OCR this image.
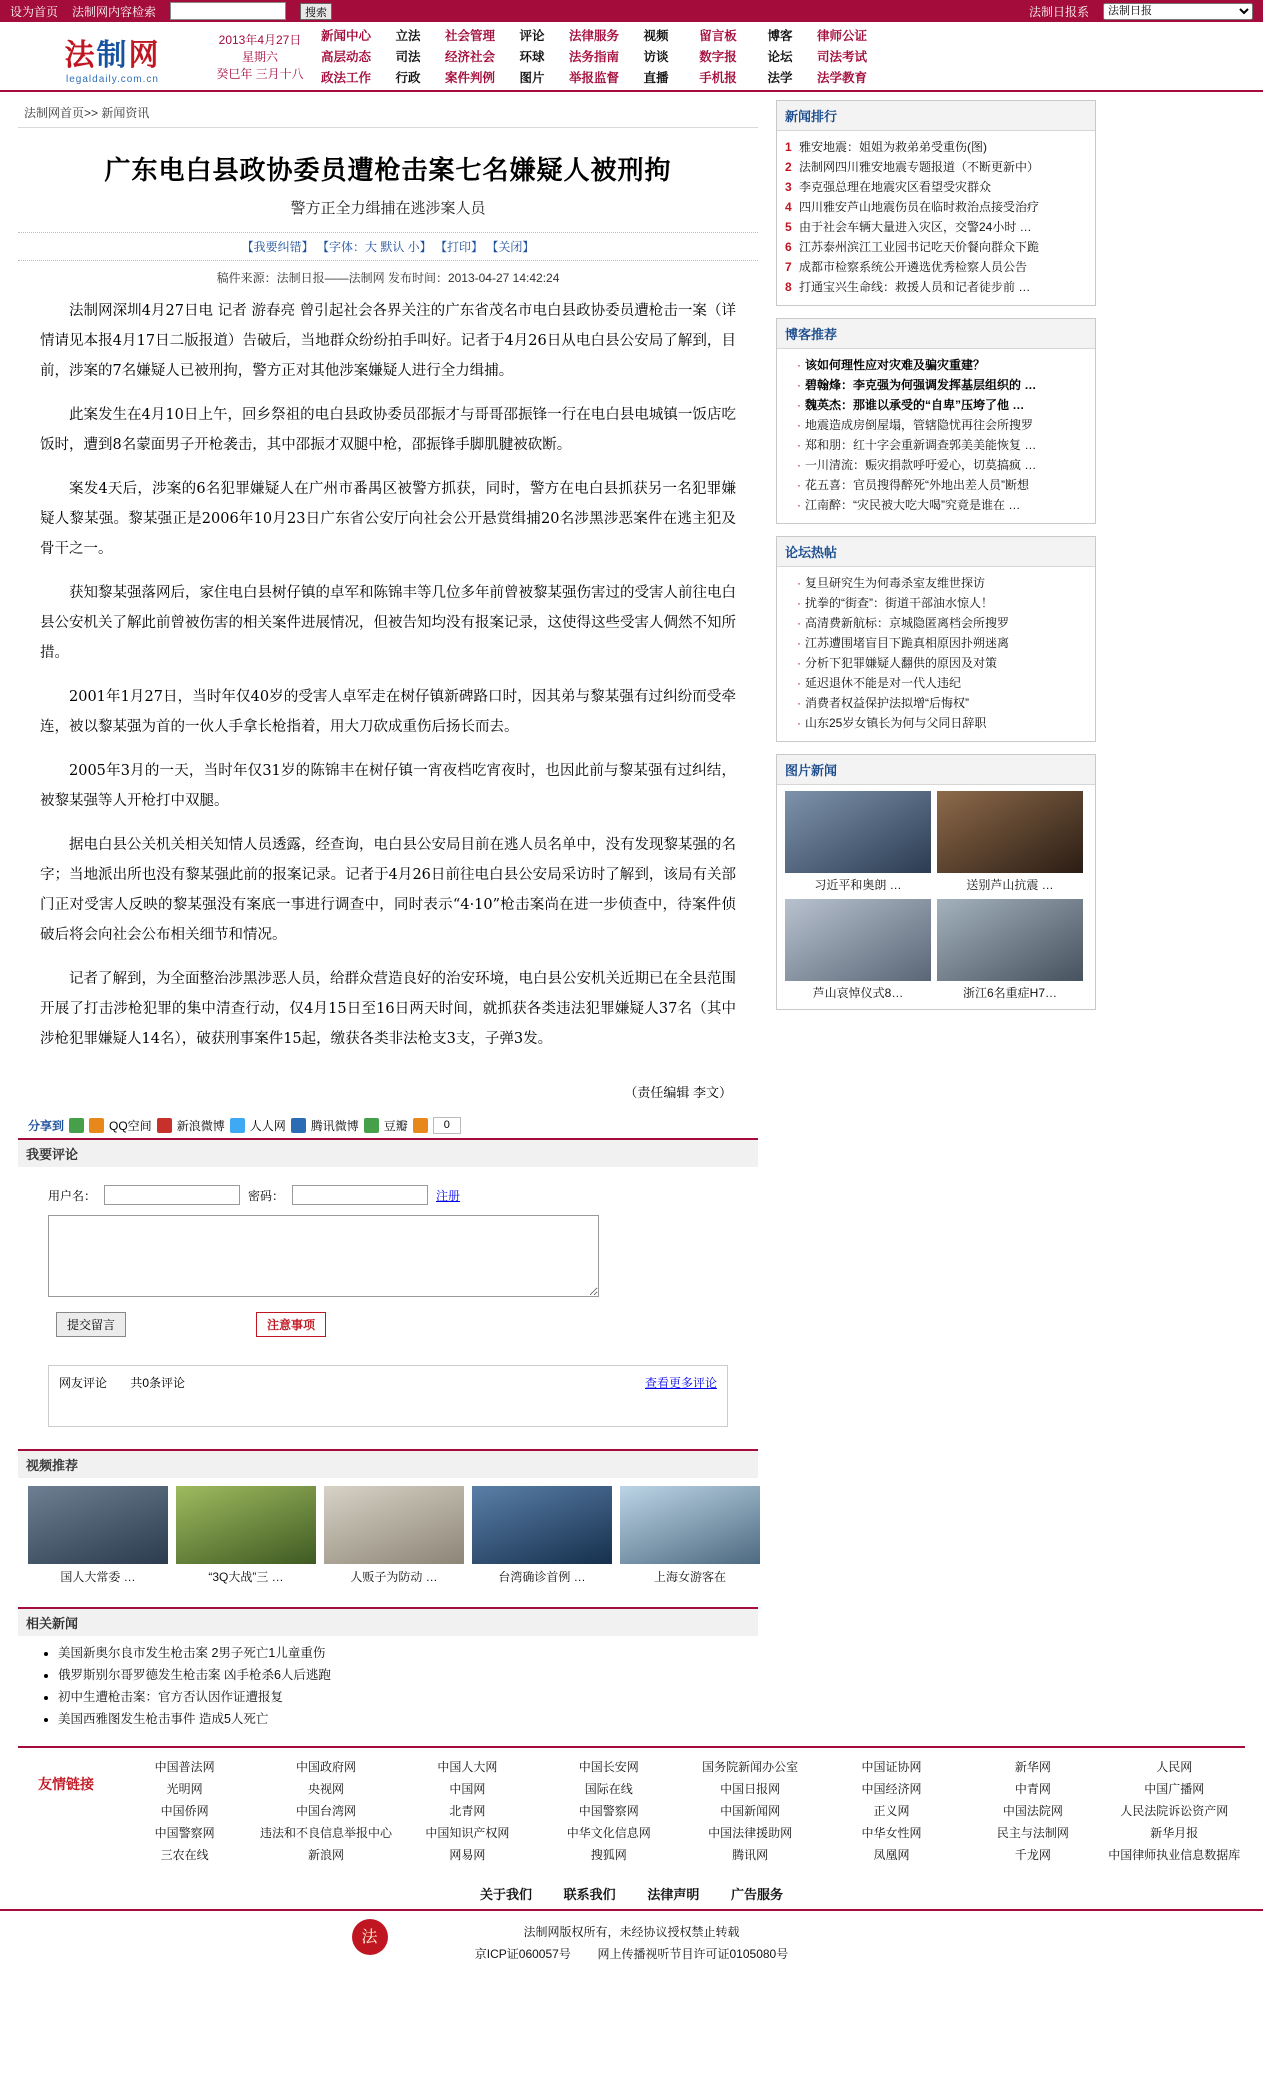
设为首页 法制网内容检索	搜索	法制日报系
法制日报
法制网
legaldaily.com.cn
2013年4月27日
星期六
癸巳年 三月十八
新闻中心	立法	社会管理	评论	法律服务	视频	留言板	博客	律师公证
高层动态	司法	经济社会	环球	法务指南	访谈	数字报	论坛	司法考试
政法工作	行政	案件判例	图片	举报监督	直播	手机报	法学	法学教育
法制网首页>> 新闻资讯
广东电白县政协委员遭枪击案七名嫌疑人被刑拘
警方正全力缉捕在逃涉案人员
【我要纠错】 【字体：大 默认 小】 【打印】 【关闭】
稿件来源：法制日报——法制网 发布时间：2013-04-27 14:42:24

法制网深圳4月27日电 记者 游春亮 曾引起社会各界关注的广东省茂名市电白县政协委员遭枪击一案（详情请见本报4月17日二版报道）告破后，当地群众纷纷拍手叫好。记者于4月26日从电白县公安局了解到，目前，涉案的7名嫌疑人已被刑拘，警方正对其他涉案嫌疑人进行全力缉捕。

此案发生在4月10日上午，回乡祭祖的电白县政协委员邵振才与哥哥邵振锋一行在电白县电城镇一饭店吃饭时，遭到8名蒙面男子开枪袭击，其中邵振才双腿中枪，邵振锋手脚肌腱被砍断。

案发4天后，涉案的6名犯罪嫌疑人在广州市番禺区被警方抓获，同时，警方在电白县抓获另一名犯罪嫌疑人黎某强。黎某强正是2006年10月23日广东省公安厅向社会公开悬赏缉捕20名涉黑涉恶案件在逃主犯及骨干之一。

获知黎某强落网后，家住电白县树仔镇的卓军和陈锦丰等几位多年前曾被黎某强伤害过的受害人前往电白县公安机关了解此前曾被伤害的相关案件进展情况，但被告知均没有报案记录，这使得这些受害人倜然不知所措。

2001年1月27日，当时年仅40岁的受害人卓军走在树仔镇新碑路口时，因其弟与黎某强有过纠纷而受牵连，被以黎某强为首的一伙人手拿长枪指着，用大刀砍成重伤后扬长而去。

2005年3月的一天，当时年仅31岁的陈锦丰在树仔镇一宵夜档吃宵夜时，也因此前与黎某强有过纠结，被黎某强等人开枪打中双腿。

据电白县公关机关相关知情人员透露，经查询，电白县公安局目前在逃人员名单中，没有发现黎某强的名字；当地派出所也没有黎某强此前的报案记录。记者于4月26日前往电白县公安局采访时了解到，该局有关部门正对受害人反映的黎某强没有案底一事进行调查中，同时表示“4·10”枪击案尚在进一步侦查中，待案件侦破后将会向社会公布相关细节和情况。

记者了解到，为全面整治涉黑涉恶人员，给群众营造良好的治安环境，电白县公安机关近期已在全县范围开展了打击涉枪犯罪的集中清查行动，仅4月15日至16日两天时间，就抓获各类违法犯罪嫌疑人37名（其中涉枪犯罪嫌疑人14名），破获刑事案件15起，缴获各类非法枪支3支，子弹3发。

（责任编辑 李文）
分享到	QQ空间 新浪微博 人人网 腾讯微博 豆瓣	0
我要评论
用户名：	密码：	注册
提交留言	注意事项
网友评论 共0条评论	查看更多评论
视频推荐
国人大常委 …	“3Q大战”三 …	人贩子为防动 …	台湾确诊首例 …	上海女游客在
相关新闻
• 美国新奥尔良市发生枪击案 2男子死亡1儿童重伤
• 俄罗斯别尔哥罗德发生枪击案 凶手枪杀6人后逃跑
• 初中生遭枪击案：官方否认因作证遭报复
• 美国西雅图发生枪击事件 造成5人死亡
新闻排行
1 雅安地震：姐姐为救弟弟受重伤(图)
2 法制网四川雅安地震专题报道（不断更新中）
3 李克强总理在地震灾区看望受灾群众
4 四川雅安芦山地震伤员在临时救治点接受治疗
5 由于社会车辆大量进入灾区，交警24小时 …
6 江苏泰州滨江工业园书记吃天价餐向群众下跪
7 成都市检察系统公开遴选优秀检察人员公告
8 打通宝兴生命线：救援人员和记者徒步前 …
博客推荐
· 该如何理性应对灾难及骗灾重建？
· 碧翰烽：李克强为何强调发挥基层组织的 …
· 魏英杰：那谁以承受的“自卑”压垮了他 …
· 地震造成房倒屋塌，管辖隐忧再往会所搜罗
· 郑和朋：红十字会重新调查郭美美能恢复 …
· 一川清流：赈灾捐款呼吁爱心，切莫搞疯 …
· 花五喜：官员搜得醉死“外地出差人员”断想
· 江南醉：“灾民被大吃大喝”究竟是谁在 …
论坛热帖
· 复旦研究生为何毒杀室友维世探访
· 扰拳的“街查”：街道干部油水惊人！
· 高清费新航标：京城隐匿离档会所搜罗
· 江苏遭围堵盲目下跪真相原因扑朔迷离
· 分析下犯罪嫌疑人翻供的原因及对策
· 延迟退休不能是对一代人违纪
· 消费者权益保护法拟增“后悔权”
· 山东25岁女镇长为何与父同日辞职
图片新闻
习近平和奥朗 …	送别芦山抗震 …
芦山哀悼仪式8…	浙江6名重症H7…
友情链接
中国普法网	中国政府网	中国人大网	中国长安网	国务院新闻办公室	中国证协网	新华网	人民网
光明网	央视网	中国网	国际在线	中国日报网	中国经济网	中青网	中国广播网
中国侨网	中国台湾网	北青网	中国警察网	中国新闻网	正义网	中国法院网	人民法院诉讼资产网
中国警察网	违法和不良信息举报中心	中国知识产权网	中华文化信息网	中国法律援助网	中华女性网	民主与法制网	新华月报
三农在线	新浪网	网易网	搜狐网	腾讯网	凤凰网	千龙网	中国律师执业信息数据库
关于我们 联系我们 法律声明 广告服务
法	法制网版权所有，未经协议授权禁止转载
京ICP证060057号 网上传播视听节目许可证0105080号
